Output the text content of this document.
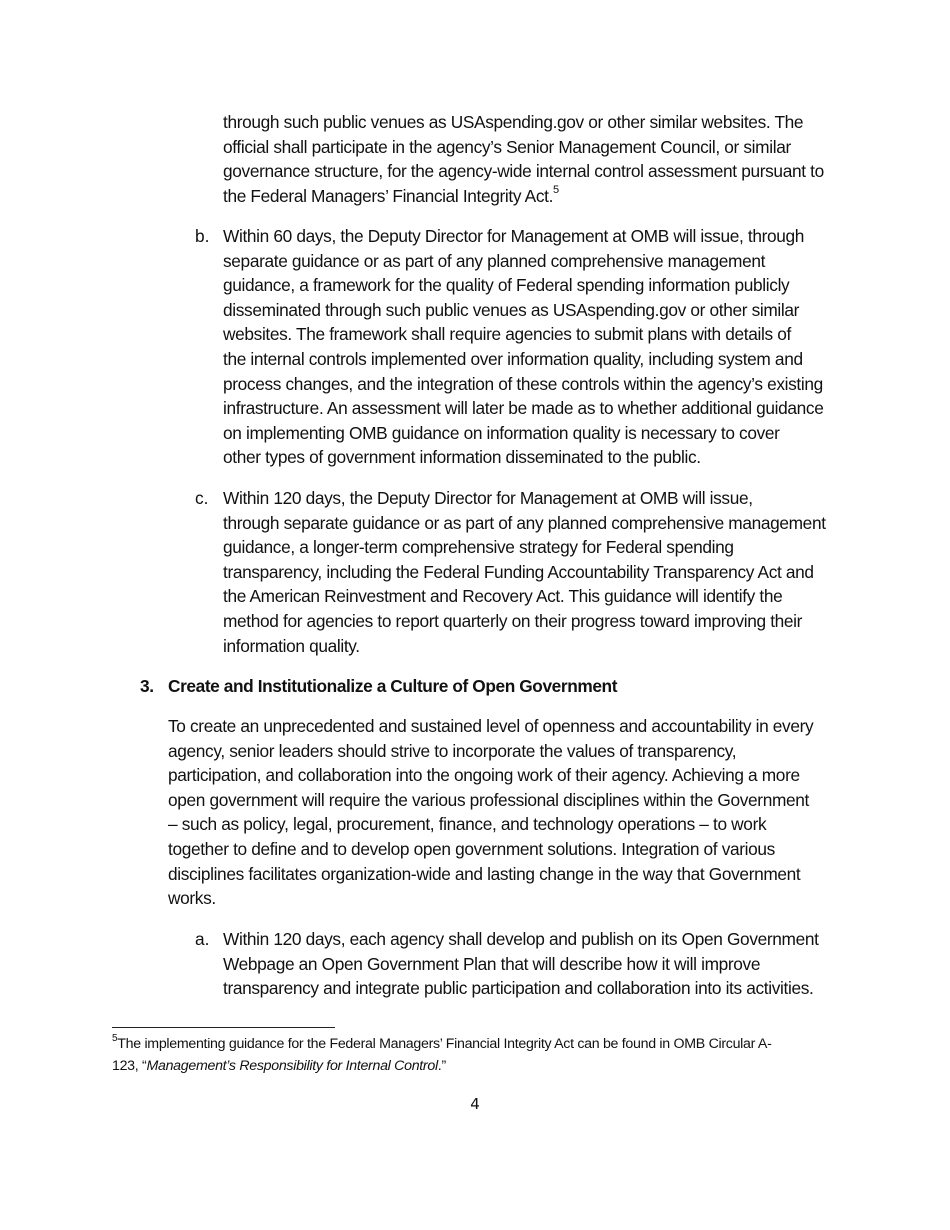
through such public venues as USAspending.gov or other similar websites. The

official shall participate in the agency’s Senior Management Council, or similar

governance structure, for the agency-wide internal control assessment pursuant to

the Federal Managers’ Financial Integrity Act.$^5$

b. Within 60 days, the Deputy Director for Management at OMB will issue, through

separate guidance or as part of any planned comprehensive management

guidance, a framework for the quality of Federal spending information publicly

disseminated through such public venues as USAspending.gov or other similar

websites. The framework shall require agencies to submit plans with details of

the internal controls implemented over information quality, including system and

process changes, and the integration of these controls within the agency’s existing

infrastructure. An assessment will later be made as to whether additional guidance

on implementing OMB guidance on information quality is necessary to cover

other types of government information disseminated to the public.

c. Within 120 days, the Deputy Director for Management at OMB will issue,

through separate guidance or as part of any planned comprehensive management

guidance, a longer-term comprehensive strategy for Federal spending

transparency, including the Federal Funding Accountability Transparency Act and

the American Reinvestment and Recovery Act. This guidance will identify the

method for agencies to report quarterly on their progress toward improving their

information quality.

3. Create and Institutionalize a Culture of Open Government

To create an unprecedented and sustained level of openness and accountability in every

agency, senior leaders should strive to incorporate the values of transparency,

participation, and collaboration into the ongoing work of their agency. Achieving a more

open government will require the various professional disciplines within the Government

– such as policy, legal, procurement, finance, and technology operations – to work

together to define and to develop open government solutions. Integration of various

disciplines facilitates organization-wide and lasting change in the way that Government

works.

a. Within 120 days, each agency shall develop and publish on its Open Government

Webpage an Open Government Plan that will describe how it will improve

transparency and integrate public participation and collaboration into its activities.

$^5$The implementing guidance for the Federal Managers’ Financial Integrity Act can be found in OMB Circular A-
123, “Management’s Responsibility for Internal Control.”
4
